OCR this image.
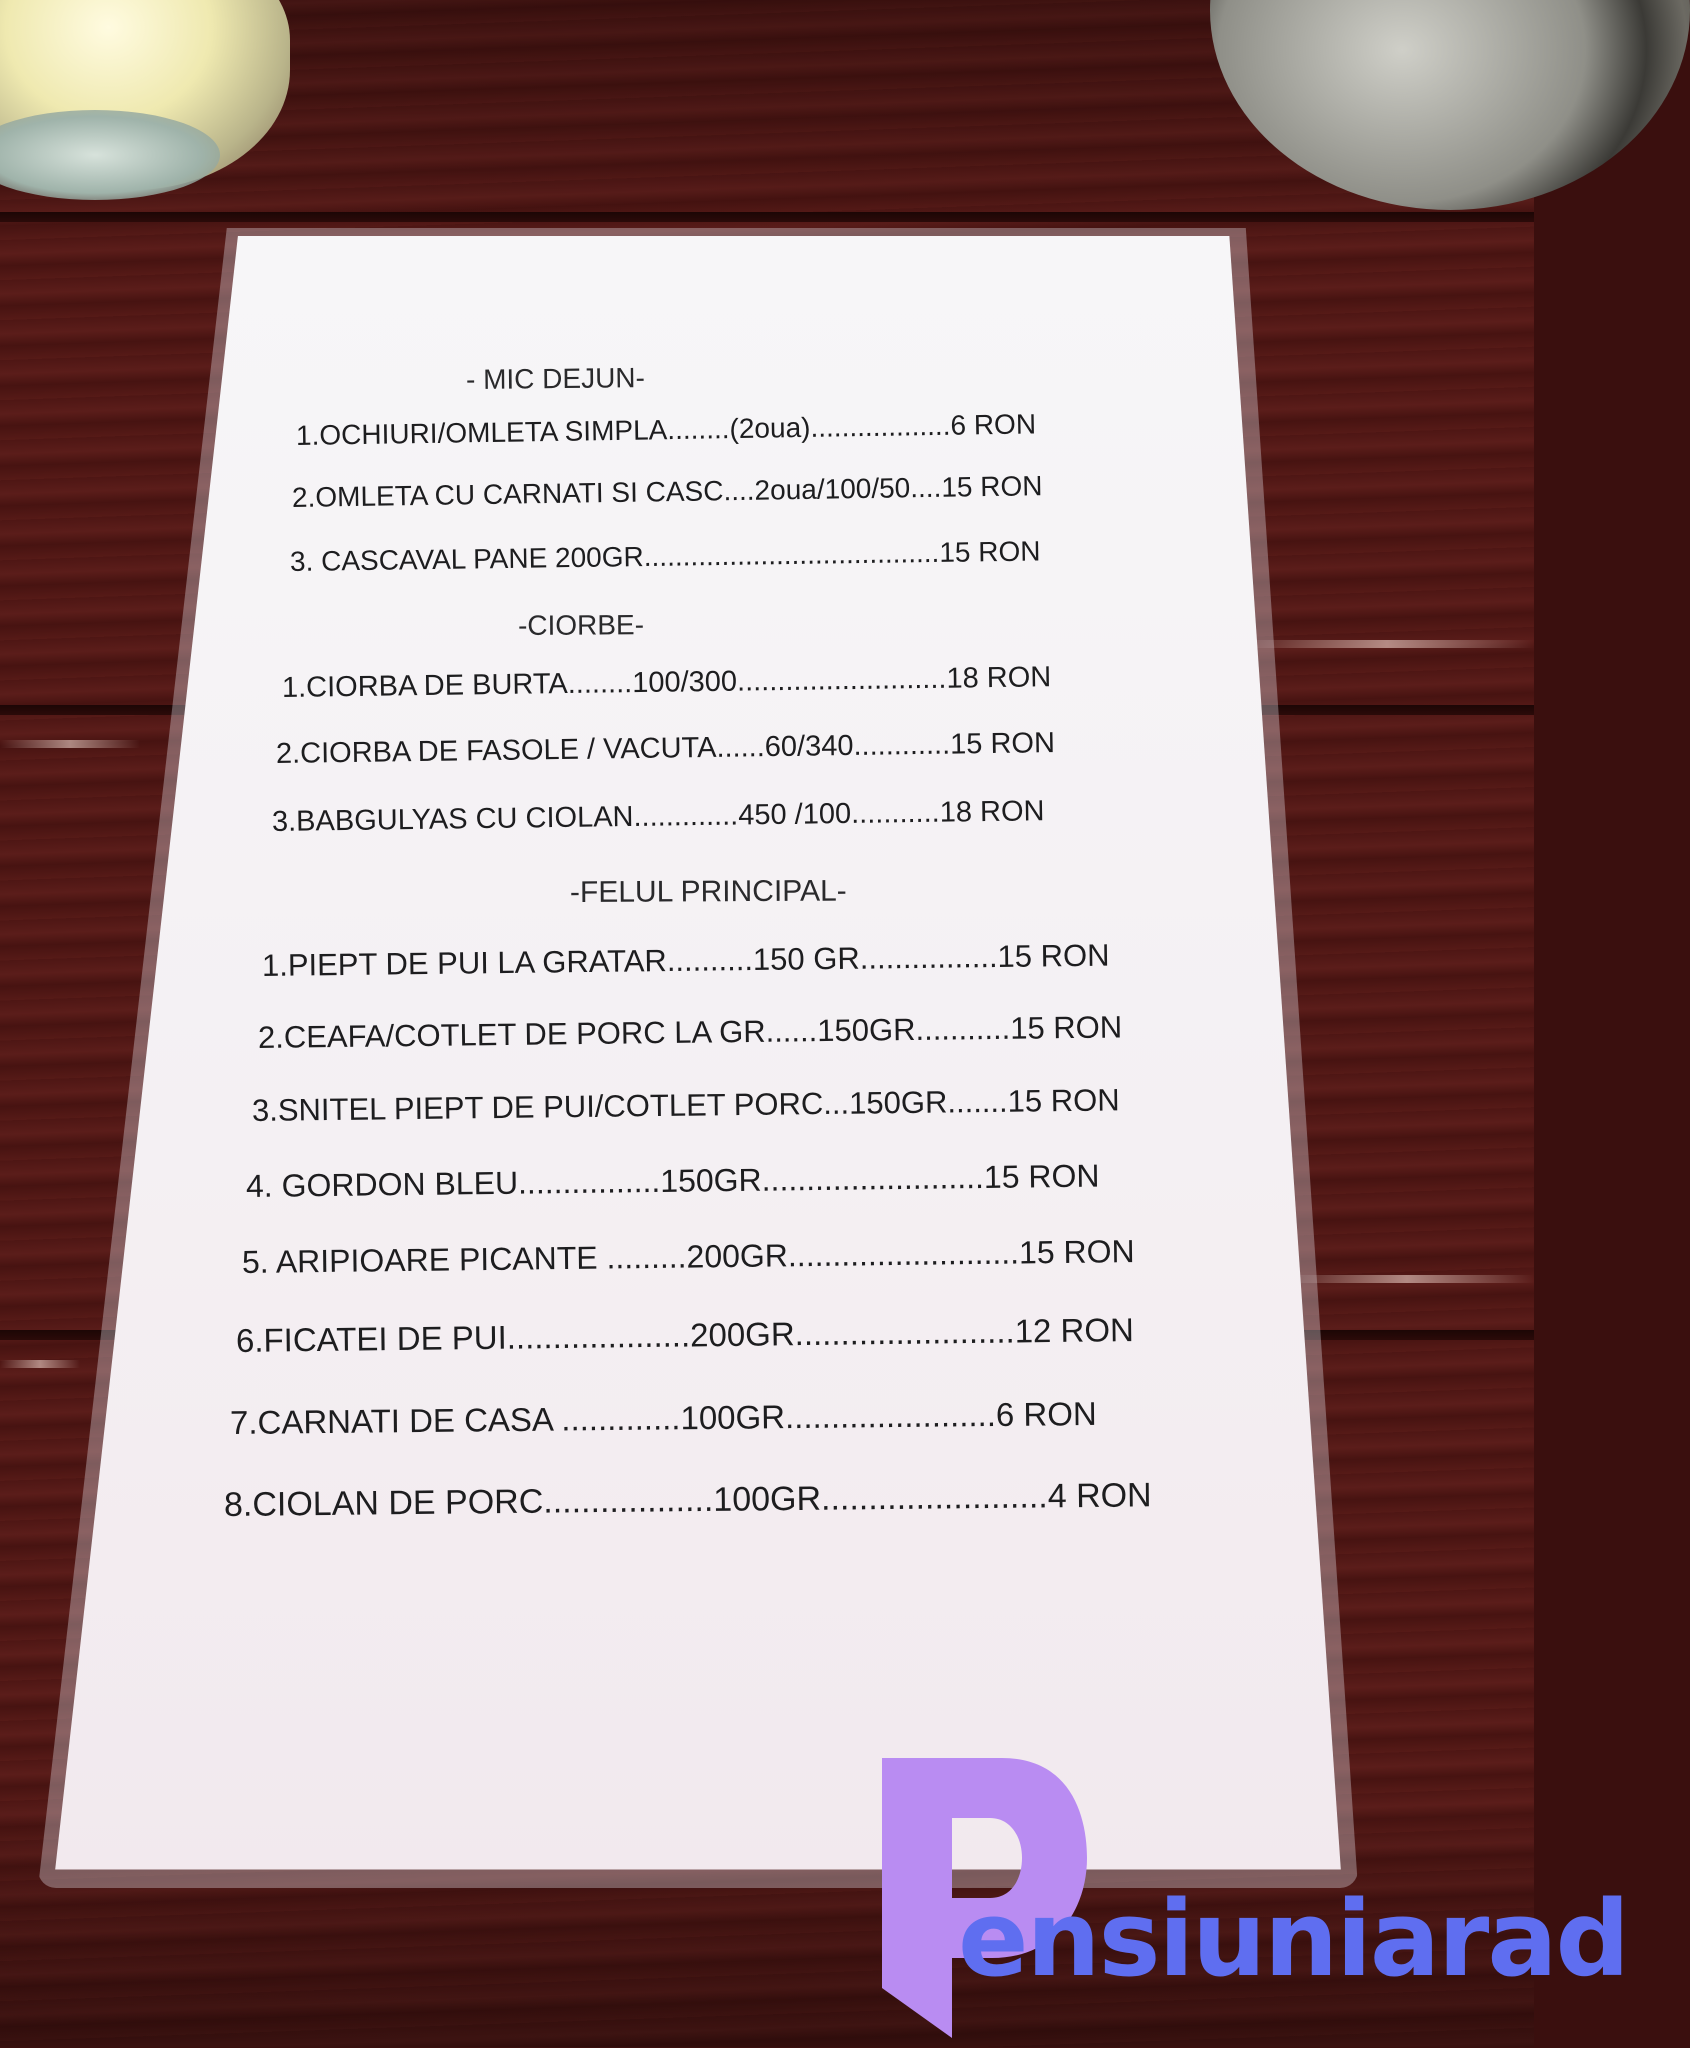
- MIC DEJUN-
1.OCHIURI/OMLETA SIMPLA........(2oua)..................6 RON
2.OMLETA CU CARNATI SI CASC....2oua/100/50....15 RON
3. CASCAVAL PANE 200GR......................................15 RON
-CIORBE-
1.CIORBA DE BURTA........100/300..........................18 RON
2.CIORBA DE FASOLE / VACUTA......60/340............15 RON
3.BABGULYAS CU CIOLAN.............450 /100...........18 RON
-FELUL PRINCIPAL-
1.PIEPT DE PUI LA GRATAR..........150 GR................15 RON
2.CEAFA/COTLET DE PORC LA GR......150GR...........15 RON
3.SNITEL PIEPT DE PUI/COTLET PORC...150GR.......15 RON
4. GORDON BLEU................150GR.........................15 RON
5. ARIPIOARE PICANTE .........200GR..........................15 RON
6.FICATEI DE PUI....................200GR........................12 RON
7.CARNATI DE CASA .............100GR.......................6 RON
8.CIOLAN DE PORC..................100GR........................4 RON
ensiuniarad
